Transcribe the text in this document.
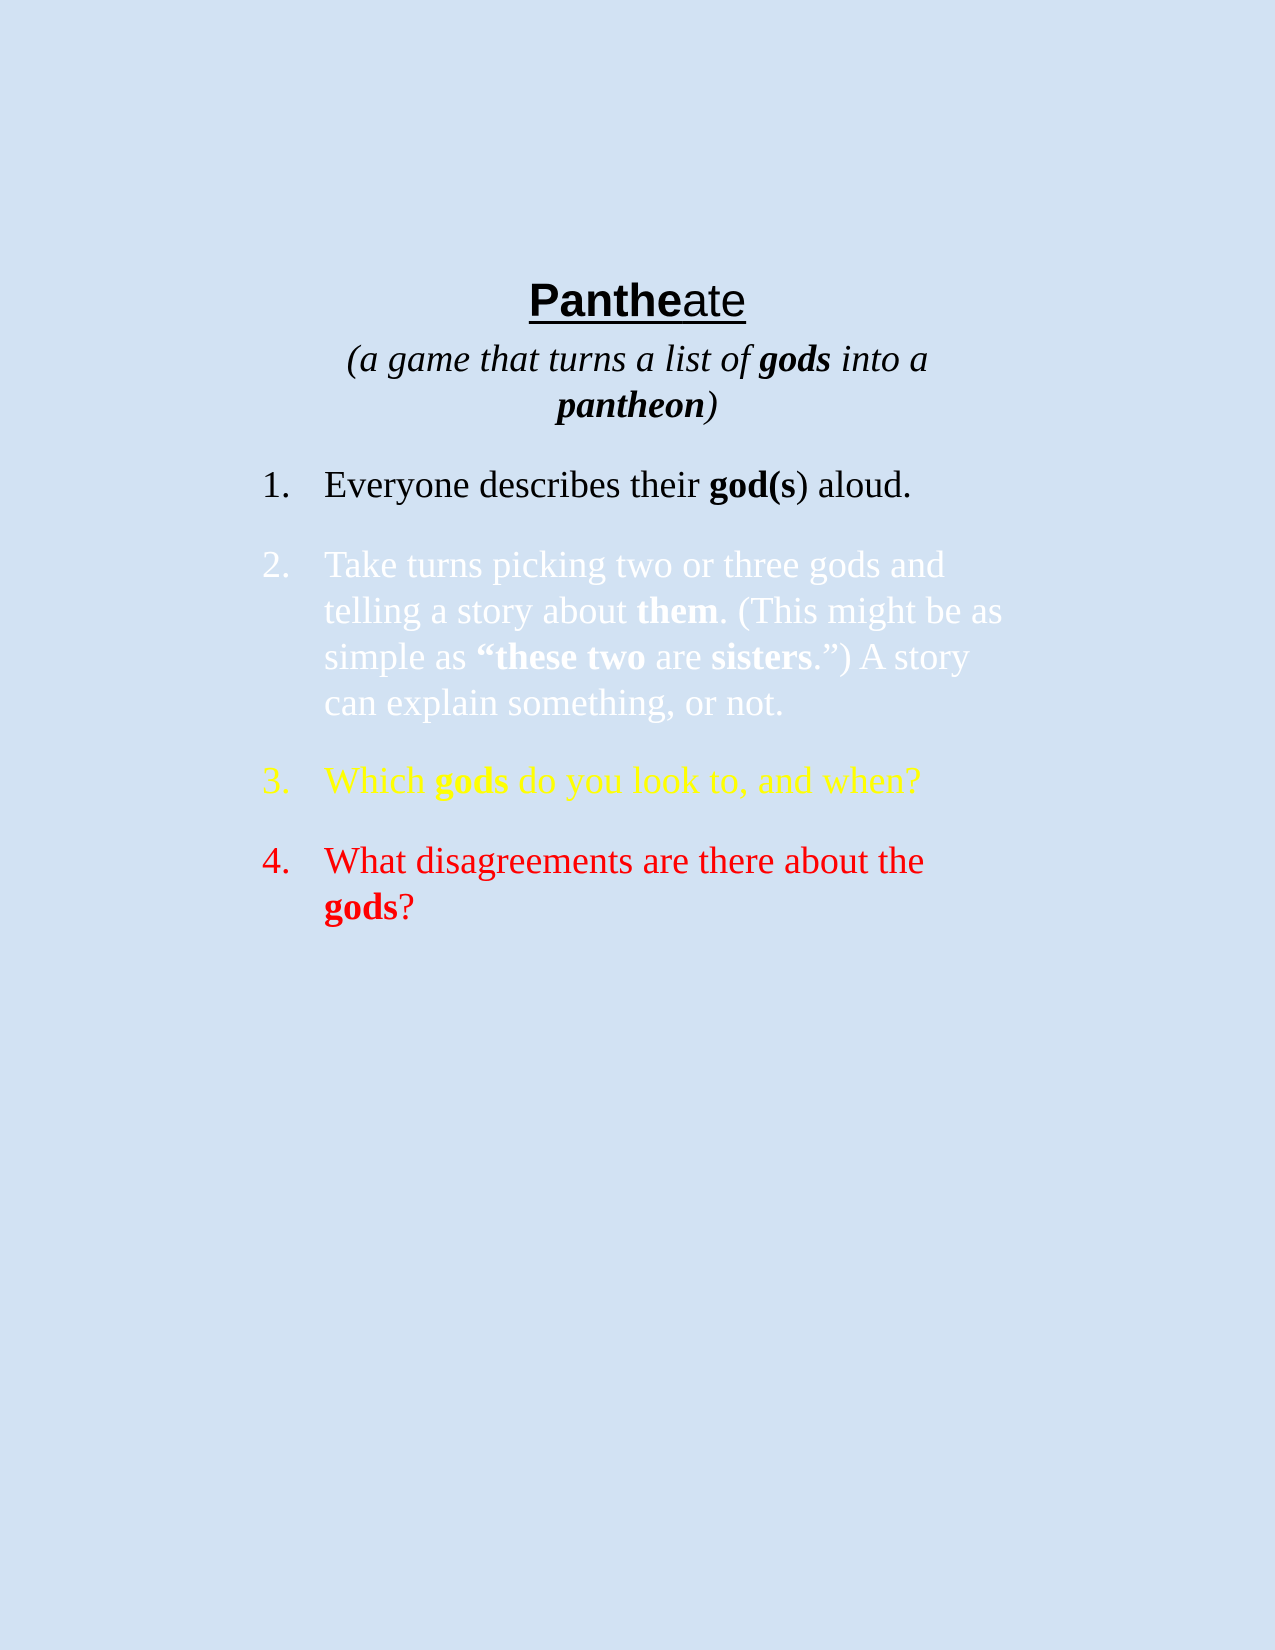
Pantheate
(a game that turns a list of gods into a pantheon)
1. Everyone describes their god(s) aloud.
2. Take turns picking two or three gods and telling a story about them. (This might be as simple as “these two are sisters.”) A story can explain something, or not.
3. Which gods do you look to, and when?
4. What disagreements are there about the gods?
